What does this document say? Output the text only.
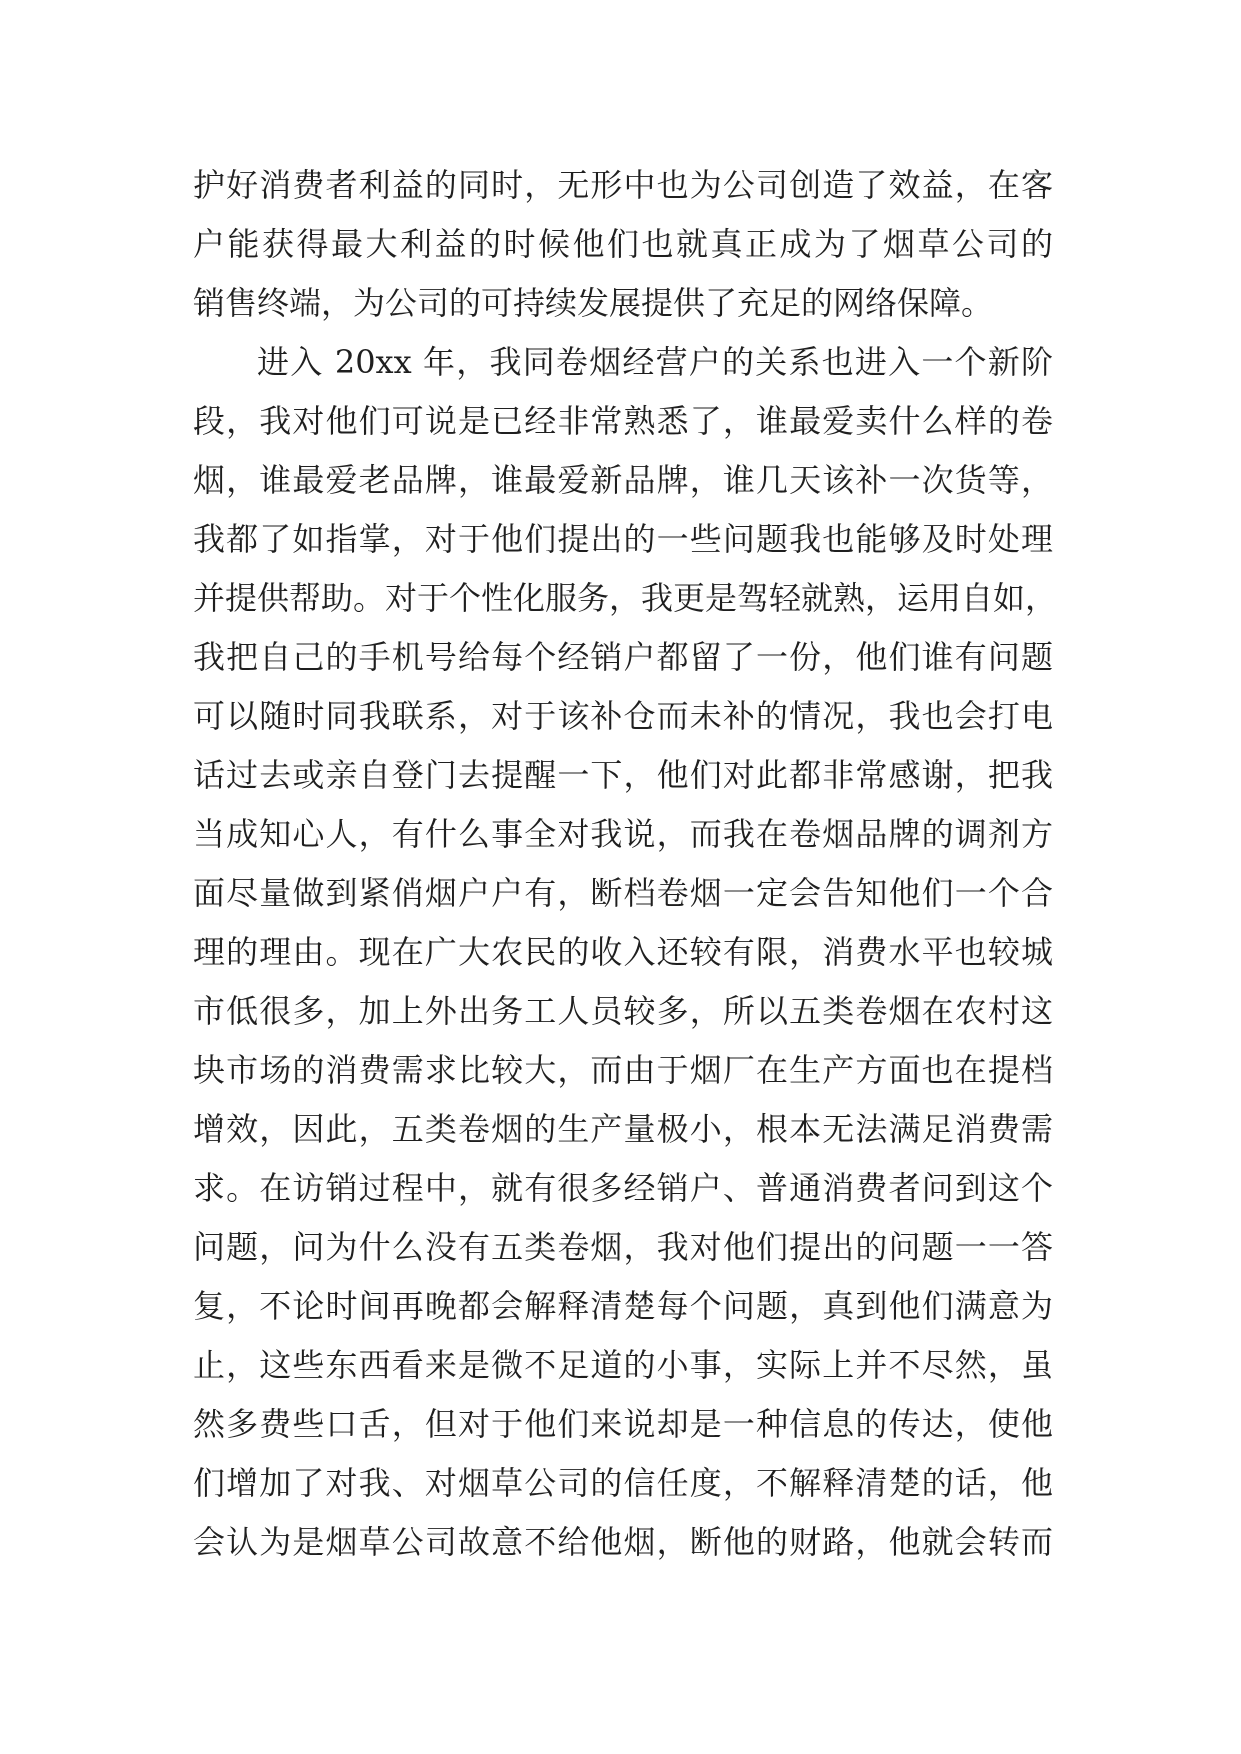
护好消费者利益的同时，无形中也为公司创造了效益，在客
户能获得最大利益的时候他们也就真正成为了烟草公司的
销售终端，为公司的可持续发展提供了充足的网络保障。
进入 20xx 年，我同卷烟经营户的关系也进入一个新阶
段，我对他们可说是已经非常熟悉了，谁最爱卖什么样的卷
烟，谁最爱老品牌，谁最爱新品牌，谁几天该补一次货等，
我都了如指掌，对于他们提出的一些问题我也能够及时处理
并提供帮助。对于个性化服务，我更是驾轻就熟，运用自如，
我把自己的手机号给每个经销户都留了一份，他们谁有问题
可以随时同我联系，对于该补仓而未补的情况，我也会打电
话过去或亲自登门去提醒一下，他们对此都非常感谢，把我
当成知心人，有什么事全对我说，而我在卷烟品牌的调剂方
面尽量做到紧俏烟户户有，断档卷烟一定会告知他们一个合
理的理由。现在广大农民的收入还较有限，消费水平也较城
市低很多，加上外出务工人员较多，所以五类卷烟在农村这
块市场的消费需求比较大，而由于烟厂在生产方面也在提档
增效，因此，五类卷烟的生产量极小，根本无法满足消费需
求。在访销过程中，就有很多经销户、普通消费者问到这个
问题，问为什么没有五类卷烟，我对他们提出的问题一一答
复，不论时间再晚都会解释清楚每个问题，真到他们满意为
止，这些东西看来是微不足道的小事，实际上并不尽然，虽
然多费些口舌，但对于他们来说却是一种信息的传达，使他
们增加了对我、对烟草公司的信任度，不解释清楚的话，他
会认为是烟草公司故意不给他烟，断他的财路，他就会转而
